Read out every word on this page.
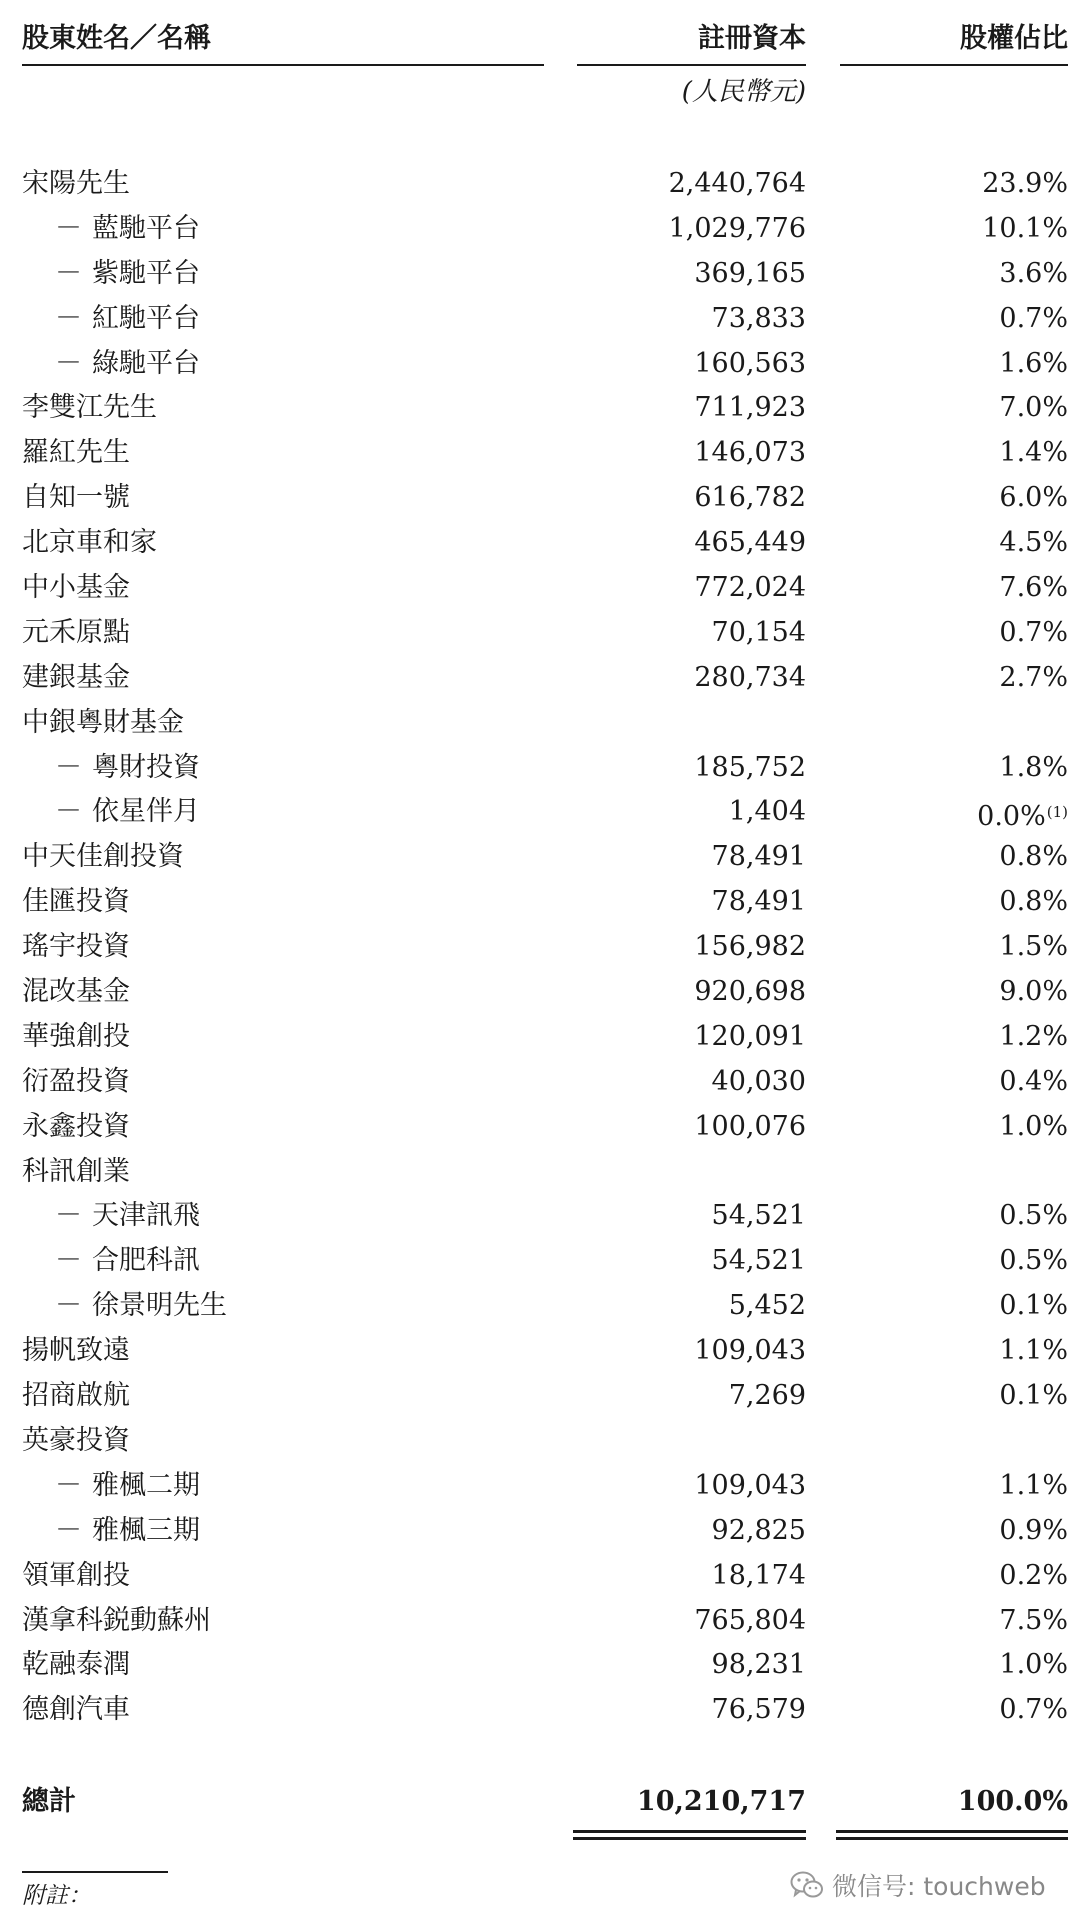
股東姓名／名稱	註冊資本	股權佔比
(人民幣元)
宋陽先生	2,440,764	23.9%
－ 藍馳平台	1,029,776	10.1%
－ 紫馳平台	369,165	3.6%
－ 紅馳平台	73,833	0.7%
－ 綠馳平台	160,563	1.6%
李雙江先生	711,923	7.0%
羅紅先生	146,073	1.4%
自知一號	616,782	6.0%
北京車和家	465,449	4.5%
中小基金	772,024	7.6%
元禾原點	70,154	0.7%
建銀基金	280,734	2.7%
中銀粵財基金
－ 粵財投資	185,752	1.8%
－ 依星伴月	1,404	0.0%$^{(1)}$
中天佳創投資	78,491	0.8%
佳匯投資	78,491	0.8%
瑤宇投資	156,982	1.5%
混改基金	920,698	9.0%
華強創投	120,091	1.2%
衍盈投資	40,030	0.4%
永鑫投資	100,076	1.0%
科訊創業
－ 天津訊飛	54,521	0.5%
－ 合肥科訊	54,521	0.5%
－ 徐景明先生	5,452	0.1%
揚帆致遠	109,043	1.1%
招商啟航	7,269	0.1%
英豪投資
－ 雅楓二期	109,043	1.1%
－ 雅楓三期	92,825	0.9%
領軍創投	18,174	0.2%
漢拿科鋭動蘇州	765,804	7.5%
乾融泰潤	98,231	1.0%
德創汽車	76,579	0.7%
總計	10,210,717	100.0%
附註：	微信号: touchweb
